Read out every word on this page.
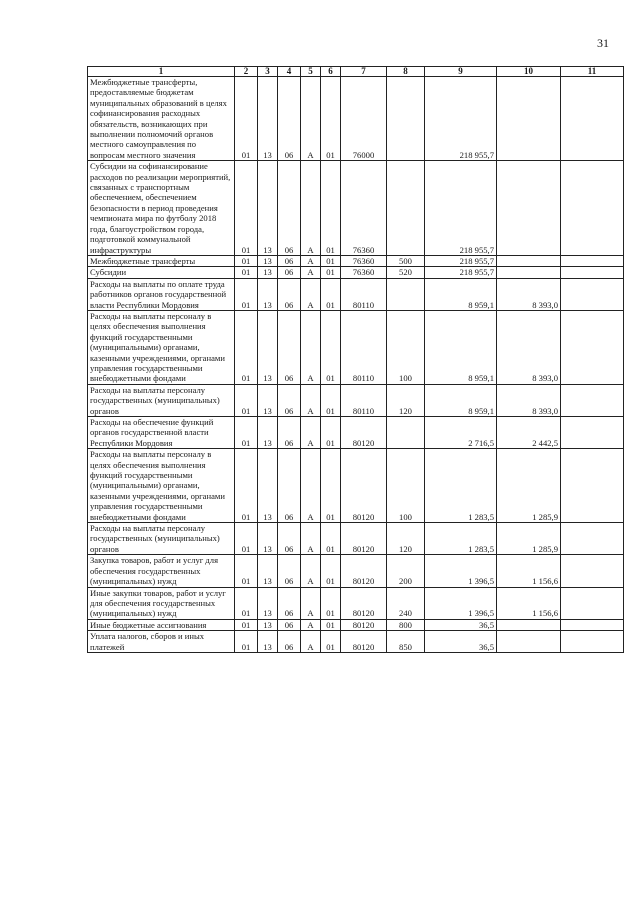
31
1	2	3	4	5	6	7	8	9	10	11
Межбюджетные трансферты, предоставляемые бюджетам муниципальных образований в целях софинансирования расходных обязательств, возникающих при выполнении полномочий органов местного самоуправления по вопросам местного значения	01	13	06	А	01	76000		218 955,7		
Субсидии на софинансирование расходов по реализации мероприятий, связанных с транспортным обеспечением, обеспечением безопасности в период проведения чемпионата мира по футболу 2018 года, благоустройством города, подготовкой коммунальной инфраструктуры	01	13	06	А	01	76360		218 955,7		
Межбюджетные трансферты	01	13	06	А	01	76360	500	218 955,7		
Субсидии	01	13	06	А	01	76360	520	218 955,7		
Расходы на выплаты по оплате труда работников органов государственной власти Республики Мордовия	01	13	06	А	01	80110		8 959,1	8 393,0	
Расходы на выплаты персоналу в целях обеспечения выполнения функций государственными (муниципальными) органами, казенными учреждениями, органами управления государственными внебюджетными фондами	01	13	06	А	01	80110	100	8 959,1	8 393,0	
Расходы на выплаты персоналу государственных (муниципальных) органов	01	13	06	А	01	80110	120	8 959,1	8 393,0	
Расходы на обеспечение функций органов государственной власти Республики Мордовия	01	13	06	А	01	80120		2 716,5	2 442,5	
Расходы на выплаты персоналу в целях обеспечения выполнения функций государственными (муниципальными) органами, казенными учреждениями, органами управления государственными внебюджетными фондами	01	13	06	А	01	80120	100	1 283,5	1 285,9	
Расходы на выплаты персоналу государственных (муниципальных) органов	01	13	06	А	01	80120	120	1 283,5	1 285,9	
Закупка товаров, работ и услуг для обеспечения государственных (муниципальных) нужд	01	13	06	А	01	80120	200	1 396,5	1 156,6	
Иные закупки товаров, работ и услуг для обеспечения государственных (муниципальных) нужд	01	13	06	А	01	80120	240	1 396,5	1 156,6	
Иные бюджетные ассигнования	01	13	06	А	01	80120	800	36,5		
Уплата налогов, сборов и иных платежей	01	13	06	А	01	80120	850	36,5		
